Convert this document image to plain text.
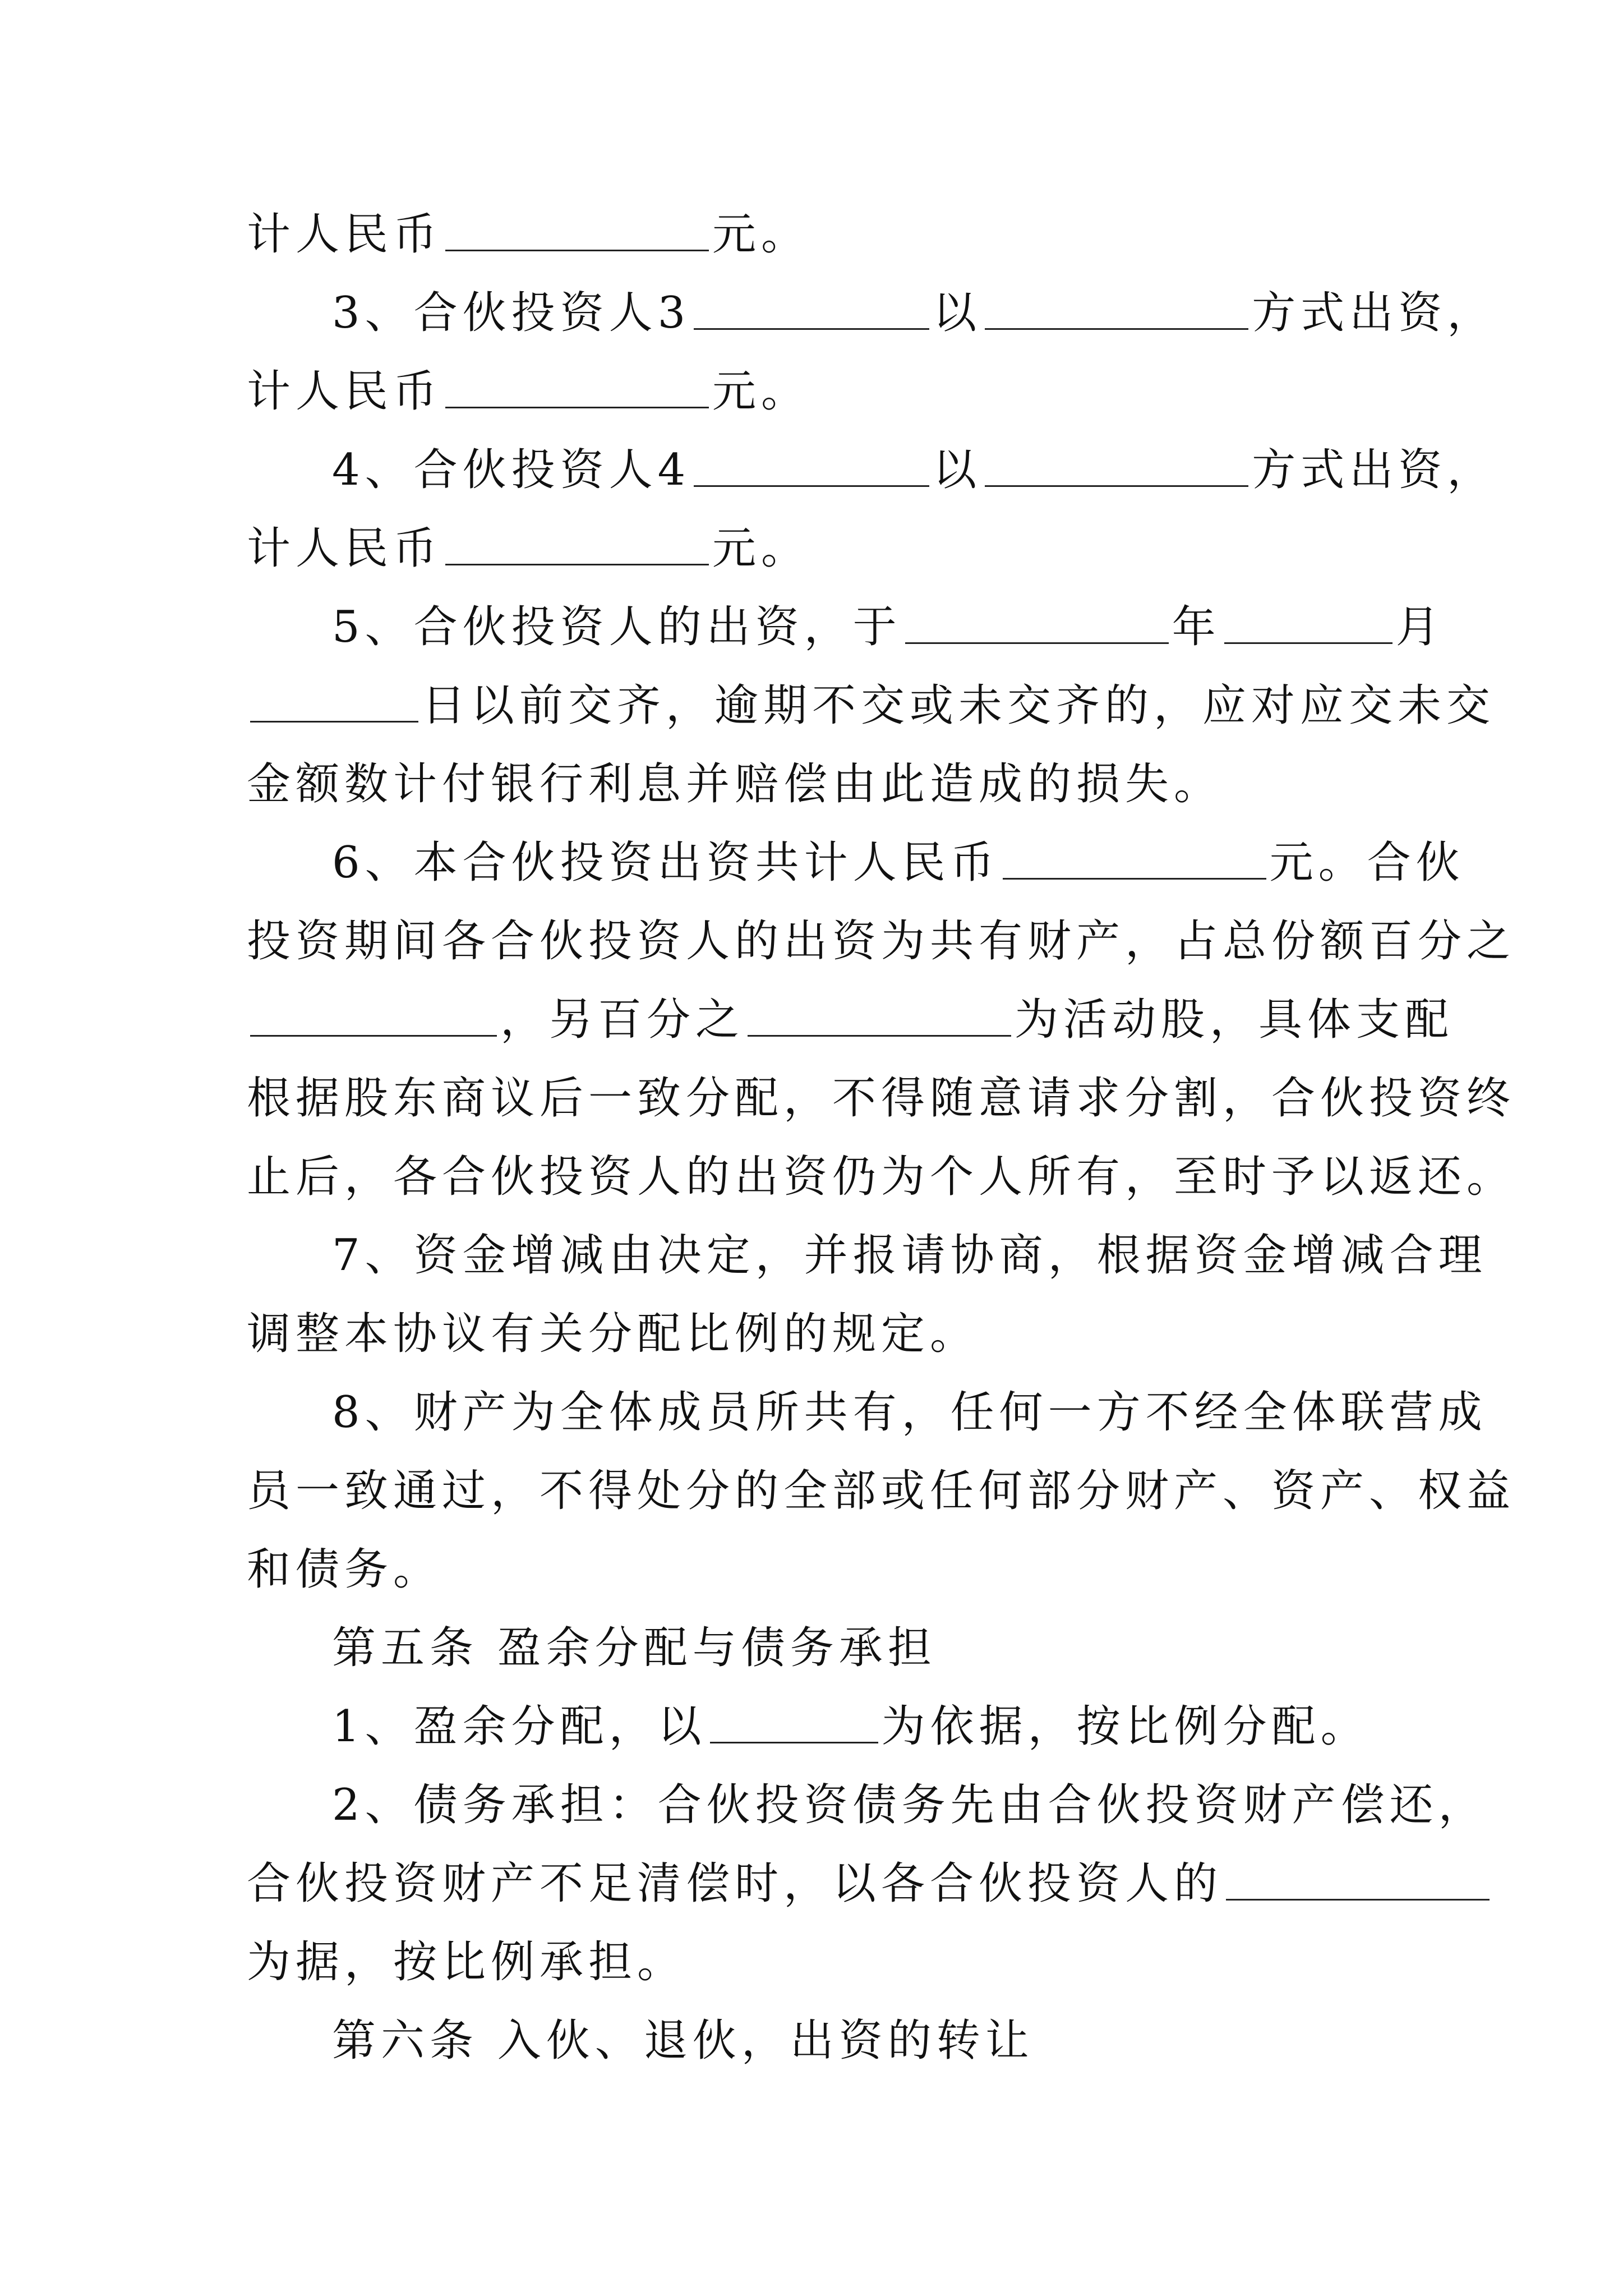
计人民币	元。
3、合伙投资人3	以	方式出资，
计人民币	元。
4、合伙投资人4	以	方式出资，
计人民币	元。
5、合伙投资人的出资，于	年	月
日以前交齐，逾期不交或未交齐的，应对应交未交
金额数计付银行利息并赔偿由此造成的损失。
6、本合伙投资出资共计人民币	元。合伙
投资期间各合伙投资人的出资为共有财产，占总份额百分之
，另百分之	为活动股，具体支配
根据股东商议后一致分配，不得随意请求分割，合伙投资终
止后，各合伙投资人的出资仍为个人所有，至时予以返还。
7、资金增减由决定，并报请协商，根据资金增减合理
调整本协议有关分配比例的规定。
8、财产为全体成员所共有，任何一方不经全体联营成
员一致通过，不得处分的全部或任何部分财产、资产、权益
和债务。
第五条 盈余分配与债务承担
1、盈余分配，以	为依据，按比例分配。
2、债务承担：合伙投资债务先由合伙投资财产偿还，
合伙投资财产不足清偿时，以各合伙投资人的
为据，按比例承担。
第六条 入伙、退伙，出资的转让
